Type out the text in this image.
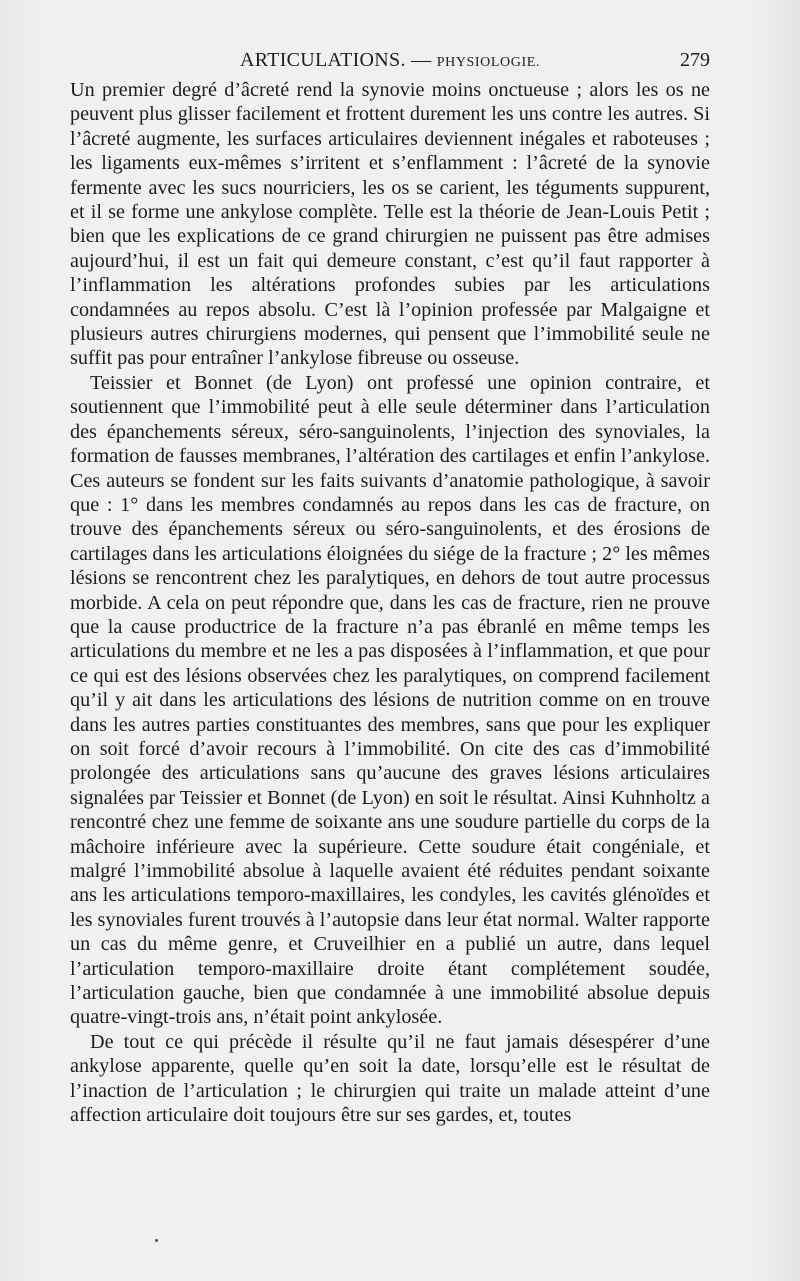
ARTICULATIONS. — PHYSIOLOGIE.	279

Un premier degré d’âcreté rend la synovie moins onctueuse ; alors les os ne peuvent plus glisser facilement et frottent durement les uns contre les autres. Si l’âcreté augmente, les surfaces articulaires deviennent inégales et raboteuses ; les ligaments eux-mêmes s’irritent et s’enflamment : l’âcreté de la synovie fermente avec les sucs nourriciers, les os se carient, les téguments suppurent, et il se forme une ankylose complète. Telle est la théorie de Jean-Louis Petit ; bien que les explications de ce grand chirurgien ne puissent pas être admises aujourd’hui, il est un fait qui demeure constant, c’est qu’il faut rapporter à l’inflammation les altérations profondes subies par les articulations condamnées au repos absolu. C’est là l’opinion professée par Malgaigne et plusieurs autres chirurgiens modernes, qui pensent que l’immobilité seule ne suffit pas pour entraîner l’ankylose fibreuse ou osseuse.

Teissier et Bonnet (de Lyon) ont professé une opinion contraire, et soutiennent que l’immobilité peut à elle seule déterminer dans l’articulation des épanchements séreux, séro-sanguinolents, l’injection des synoviales, la formation de fausses membranes, l’altération des cartilages et enfin l’ankylose. Ces auteurs se fondent sur les faits suivants d’anatomie pathologique, à savoir que : 1° dans les membres condamnés au repos dans les cas de fracture, on trouve des épanchements séreux ou séro-sanguinolents, et des érosions de cartilages dans les articulations éloignées du siége de la fracture ; 2° les mêmes lésions se rencontrent chez les paralytiques, en dehors de tout autre processus morbide. A cela on peut répondre que, dans les cas de fracture, rien ne prouve que la cause productrice de la fracture n’a pas ébranlé en même temps les articulations du membre et ne les a pas disposées à l’inflammation, et que pour ce qui est des lésions observées chez les paralytiques, on comprend facilement qu’il y ait dans les articulations des lésions de nutrition comme on en trouve dans les autres parties constituantes des membres, sans que pour les expliquer on soit forcé d’avoir recours à l’immobilité. On cite des cas d’immobilité prolongée des articulations sans qu’aucune des graves lésions articulaires signalées par Teissier et Bonnet (de Lyon) en soit le résultat. Ainsi Kuhnholtz a rencontré chez une femme de soixante ans une soudure partielle du corps de la mâchoire inférieure avec la supérieure. Cette soudure était congéniale, et malgré l’immobilité absolue à laquelle avaient été réduites pendant soixante ans les articulations temporo-maxillaires, les condyles, les cavités glénoïdes et les synoviales furent trouvés à l’autopsie dans leur état normal. Walter rapporte un cas du même genre, et Cruveilhier en a publié un autre, dans lequel l’articulation temporo-maxillaire droite étant complétement soudée, l’articulation gauche, bien que condamnée à une immobilité absolue depuis quatre-vingt-trois ans, n’était point ankylosée.

De tout ce qui précède il résulte qu’il ne faut jamais désespérer d’une ankylose apparente, quelle qu’en soit la date, lorsqu’elle est le résultat de l’inaction de l’articulation ; le chirurgien qui traite un malade atteint d’une affection articulaire doit toujours être sur ses gardes, et, toutes
